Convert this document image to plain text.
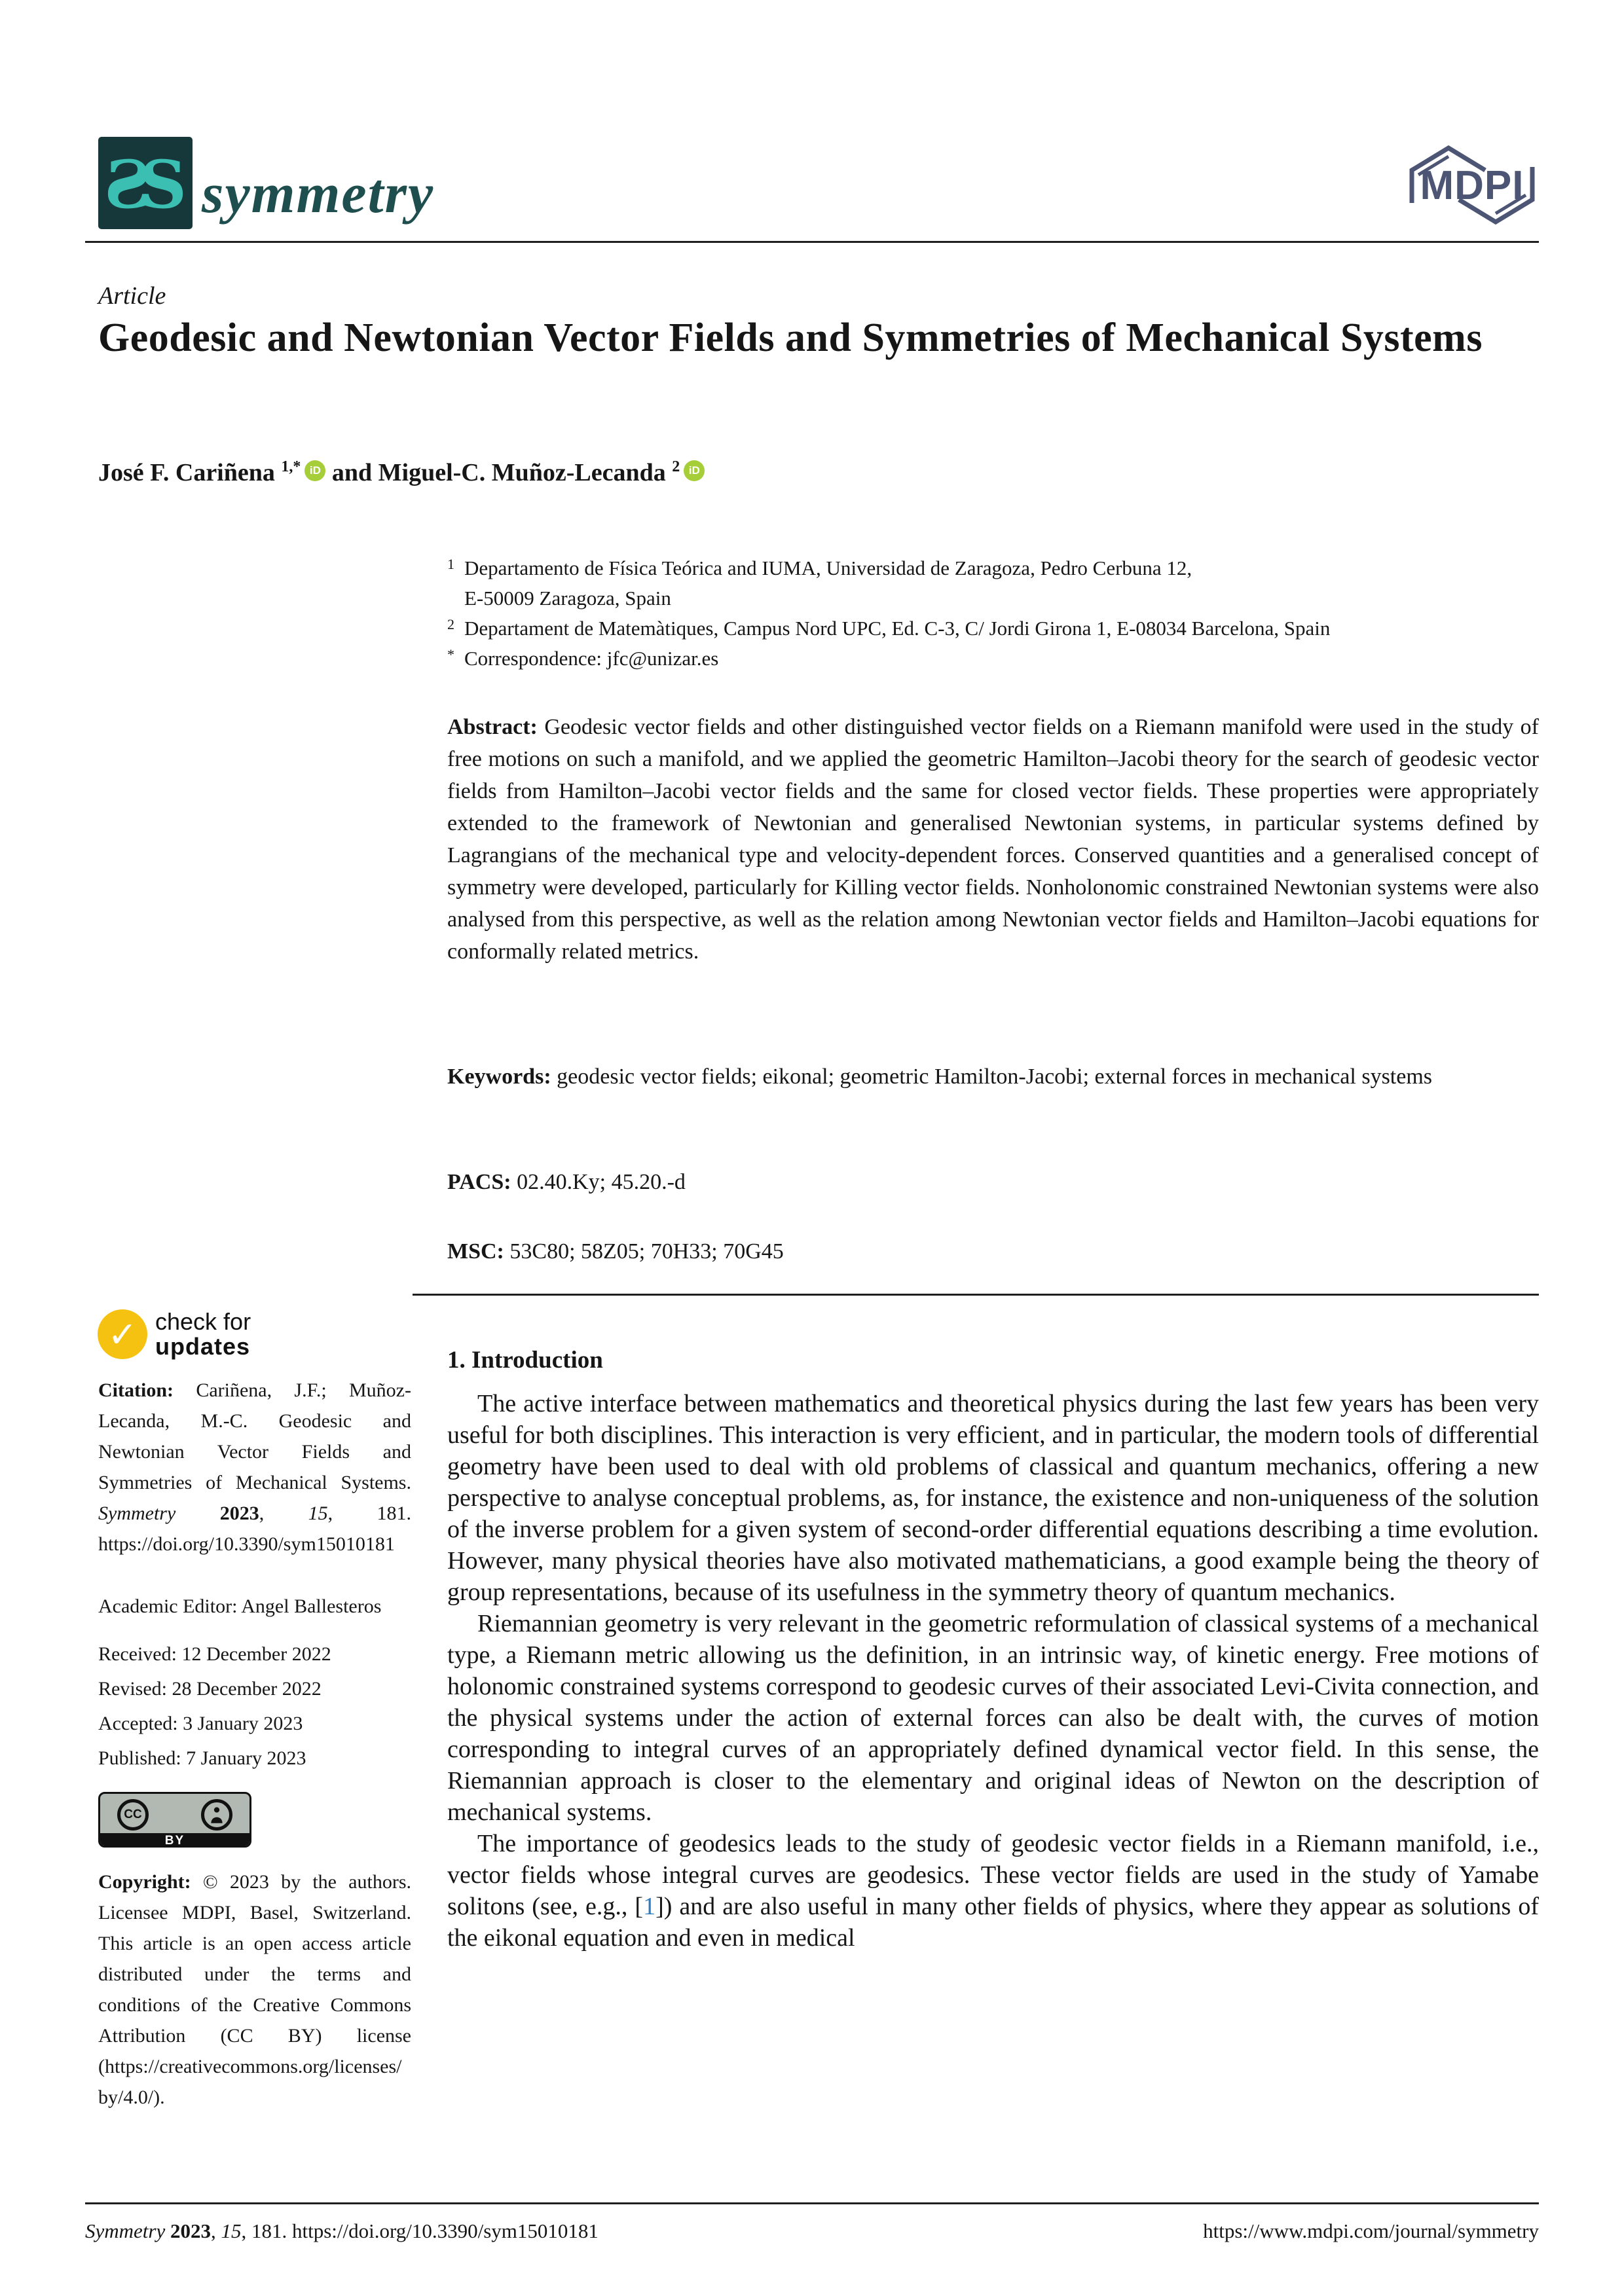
S
S symmetry	MDPI
Article
Geodesic and Newtonian Vector Fields and Symmetries of Mechanical Systems
José F. Cariñena $^{1,*}$ iD and Miguel-C. Muñoz-Lecanda $^2$ iD
1 Departamento de Física Teórica and IUMA, Universidad de Zaragoza, Pedro Cerbuna 12,
E-50009 Zaragoza, Spain
2 Departament de Matemàtiques, Campus Nord UPC, Ed. C-3, C/ Jordi Girona 1, E-08034 Barcelona, Spain
* Correspondence: jfc@unizar.es
Abstract: Geodesic vector fields and other distinguished vector fields on a Riemann manifold were used in the study of free motions on such a manifold, and we applied the geometric Hamilton–Jacobi theory for the search of geodesic vector fields from Hamilton–Jacobi vector fields and the same for closed vector fields. These properties were appropriately extended to the framework of Newtonian and generalised Newtonian systems, in particular systems defined by Lagrangians of the mechanical type and velocity-dependent forces. Conserved quantities and a generalised concept of symmetry were developed, particularly for Killing vector fields. Nonholonomic constrained Newtonian systems were also analysed from this perspective, as well as the relation among Newtonian vector fields and Hamilton–Jacobi equations for conformally related metrics.
Keywords: geodesic vector fields; eikonal; geometric Hamilton-Jacobi; external forces in mechanical systems
PACS: 02.40.Ky; 45.20.-d
MSC: 53C80; 58Z05; 70H33; 70G45
✓ check for
updates
Citation: Cariñena, J.F.; Muñoz-Lecanda, M.-C. Geodesic and Newtonian Vector Fields and Symmetries of Mechanical Systems. Symmetry 2023, 15, 181. https://doi.org/10.3390/sym15010181
Academic Editor: Angel Ballesteros
Received: 12 December 2022
Revised: 28 December 2022
Accepted: 3 January 2023
Published: 7 January 2023
CC
BY
Copyright: © 2023 by the authors. Licensee MDPI, Basel, Switzerland. This article is an open access article distributed under the terms and conditions of the Creative Commons Attribution (CC BY) license (https://creativecommons.org/licenses/by/4.0/).
1. Introduction

The active interface between mathematics and theoretical physics during the last few years has been very useful for both disciplines. This interaction is very efficient, and in particular, the modern tools of differential geometry have been used to deal with old problems of classical and quantum mechanics, offering a new perspective to analyse conceptual problems, as, for instance, the existence and non-uniqueness of the solution of the inverse problem for a given system of second-order differential equations describing a time evolution. However, many physical theories have also motivated mathematicians, a good example being the theory of group representations, because of its usefulness in the symmetry theory of quantum mechanics.

Riemannian geometry is very relevant in the geometric reformulation of classical systems of a mechanical type, a Riemann metric allowing us the definition, in an intrinsic way, of kinetic energy. Free motions of holonomic constrained systems correspond to geodesic curves of their associated Levi-Civita connection, and the physical systems under the action of external forces can also be dealt with, the curves of motion corresponding to integral curves of an appropriately defined dynamical vector field. In this sense, the Riemannian approach is closer to the elementary and original ideas of Newton on the description of mechanical systems.

The importance of geodesics leads to the study of geodesic vector fields in a Riemann manifold, i.e., vector fields whose integral curves are geodesics. These vector fields are used in the study of Yamabe solitons (see, e.g., [1]) and are also useful in many other fields of physics, where they appear as solutions of the eikonal equation and even in medical

Symmetry 2023, 15, 181. https://doi.org/10.3390/sym15010181	https://www.mdpi.com/journal/symmetry
